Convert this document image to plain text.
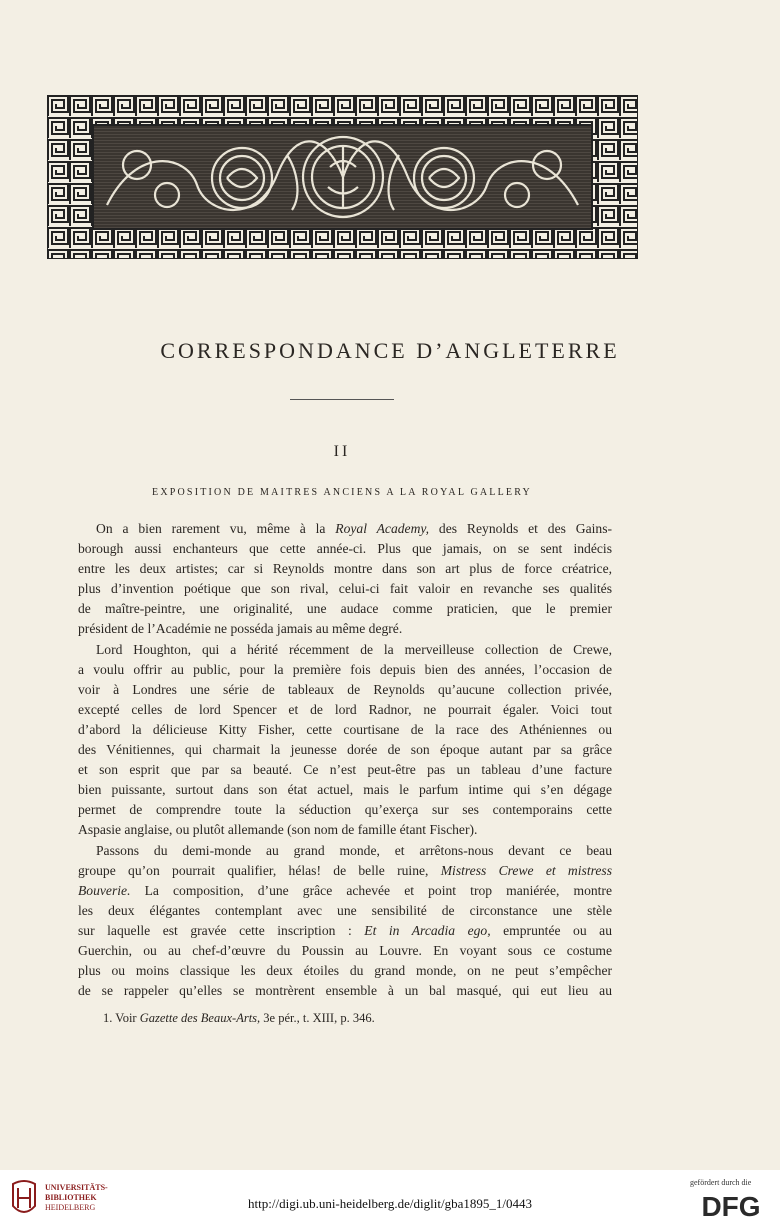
CORRESPONDANCE D’ANGLETERRE
II
EXPOSITION DE MAITRES ANCIENS A LA ROYAL GALLERY

On a bien rarement vu, même à la Royal Academy, des Reynolds et des Gains-

borough aussi enchanteurs que cette année-ci. Plus que jamais, on se sent indécis
entre les deux artistes; car si Reynolds montre dans son art plus de force créatrice,
plus d’invention poétique que son rival, celui-ci fait valoir en revanche ses qualités
de maître-peintre, une originalité, une audace comme praticien, que le premier
président de l’Académie ne posséda jamais au même degré.

Lord Houghton, qui a hérité récemment de la merveilleuse collection de Crewe,

a voulu offrir au public, pour la première fois depuis bien des années, l’occasion de
voir à Londres une série de tableaux de Reynolds qu’aucune collection privée,
excepté celles de lord Spencer et de lord Radnor, ne pourrait égaler. Voici tout
d’abord la délicieuse Kitty Fisher, cette courtisane de la race des Athéniennes ou
des Vénitiennes, qui charmait la jeunesse dorée de son époque autant par sa grâce
et son esprit que par sa beauté. Ce n’est peut-être pas un tableau d’une facture
bien puissante, surtout dans son état actuel, mais le parfum intime qui s’en dégage
permet de comprendre toute la séduction qu’exerça sur ses contemporains cette
Aspasie anglaise, ou plutôt allemande (son nom de famille étant Fischer).

Passons du demi-monde au grand monde, et arrêtons-nous devant ce beau

groupe qu’on pourrait qualifier, hélas! de belle ruine, Mistress Crewe et mistress
Bouverie. La composition, d’une grâce achevée et point trop maniérée, montre
les deux élégantes contemplant avec une sensibilité de circonstance une stèle
sur laquelle est gravée cette inscription : Et in Arcadia ego, empruntée ou au
Guerchin, ou au chef-d’œuvre du Poussin au Louvre. En voyant sous ce costume
plus ou moins classique les deux étoiles du grand monde, on ne peut s’empêcher
de se rappeler qu’elles se montrèrent ensemble à un bal masqué, qui eut lieu au
1. Voir Gazette des Beaux-Arts, 3e pér., t. XIII, p. 346.
UNIVERSITÄTS-
BIBLIOTHEK
HEIDELBERG	http://digi.ub.uni-heidelberg.de/diglit/gba1895_1/0443
gefördert durch die
DFG
